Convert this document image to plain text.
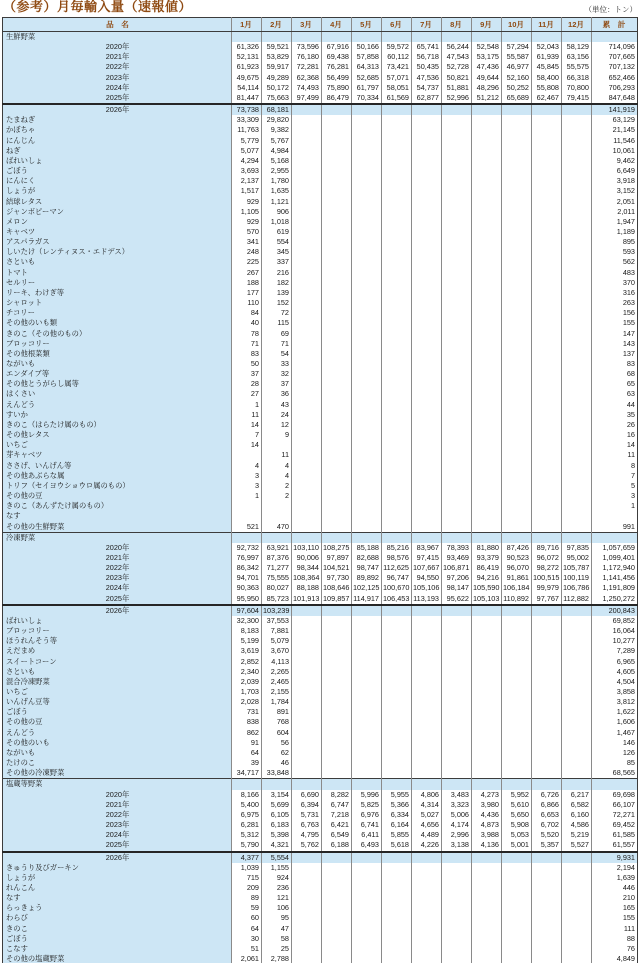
（参考）月毎輸入量（速報値）	（単位：トン）
品　名	1月	2月	3月	4月	5月	6月	7月	8月	9月	10月	11月	12月	累　計
生鮮野菜													
2020年	61,326	59,521	73,596	67,916	50,166	59,572	65,741	56,244	52,548	57,294	52,043	58,129	714,096
2021年	52,131	53,829	76,180	69,438	57,858	60,112	56,718	47,543	53,175	55,587	61,939	63,156	707,665
2022年	61,923	59,917	72,281	76,281	64,313	73,421	50,435	52,728	47,436	46,977	45,845	55,575	707,132
2023年	49,675	49,289	62,368	56,499	52,685	57,071	47,536	50,821	49,644	52,160	58,400	66,318	652,466
2024年	54,114	50,172	74,493	75,890	61,797	58,051	54,737	51,881	48,296	50,252	55,808	70,800	706,293
2025年	81,447	75,663	97,499	86,479	70,334	61,569	62,877	52,996	51,212	65,689	62,467	79,415	847,648
2026年	73,738	68,181											141,919
たまねぎ	33,309	29,820											63,129
かぼちゃ	11,763	9,382											21,145
にんじん	5,779	5,767											11,546
ねぎ	5,077	4,984											10,061
ばれいしょ	4,294	5,168											9,462
ごぼう	3,693	2,955											6,649
にんにく	2,137	1,780											3,918
しょうが	1,517	1,635											3,152
結球レタス	929	1,121											2,051
ジャンボピーマン	1,105	906											2,011
メロン	929	1,018											1,947
キャベツ	570	619											1,189
アスパラガス	341	554											895
しいたけ（レンティヌス・エドデス）	248	345											593
さといも	225	337											562
トマト	267	216											483
セルリー	188	182											370
リーキ、わけぎ等	177	139											316
シャロット	110	152											263
チコリー	84	72											156
その他のいも類	40	115											155
きのこ（その他のもの）	78	69											147
ブロッコリー	71	71											143
その他根菜類	83	54											137
ながいも	50	33											83
エンダイブ等	37	32											68
その他とうがらし属等	28	37											65
はくさい	27	36											63
えんどう	1	43											44
すいか	11	24											35
きのこ（はらたけ属のもの）	14	12											26
その他レタス	7	9											16
いちご	14												14
芽キャベツ		11											11
ささげ、いんげん等	4	4											8
その他あぶらな属	3	4											7
トリフ（セイヨウショウロ属のもの）	3	2											5
その他の豆	1	2											3
きのこ（あんずたけ属のもの）													1
なす													
その他の生鮮野菜	521	470											991
冷凍野菜													
2020年	92,732	63,921	103,110	108,275	85,188	85,216	83,967	78,393	81,880	87,426	89,716	97,835	1,057,659
2021年	76,997	87,376	90,006	97,897	82,688	98,576	97,415	93,469	93,379	90,523	96,072	95,002	1,099,401
2022年	86,342	71,277	98,344	104,521	98,747	112,625	107,667	106,871	86,419	96,070	98,272	105,787	1,172,940
2023年	94,701	75,555	108,364	97,730	89,892	96,747	94,550	97,206	94,216	91,861	100,515	100,119	1,141,456
2024年	90,363	80,027	88,188	108,646	102,125	100,670	105,106	98,147	105,590	106,184	99,979	106,786	1,191,809
2025年	95,950	85,723	101,913	109,857	114,917	106,453	113,193	95,622	105,103	110,892	97,767	112,882	1,250,272
2026年	97,604	103,239											200,843
ばれいしょ	32,300	37,553											69,852
ブロッコリー	8,183	7,881											16,064
ほうれんそう等	5,199	5,079											10,277
えだまめ	3,619	3,670											7,289
スイートコーン	2,852	4,113											6,965
さといも	2,340	2,265											4,605
混合冷凍野菜	2,039	2,465											4,504
いちご	1,703	2,155											3,858
いんげん豆等	2,028	1,784											3,812
ごぼう	731	891											1,622
その他の豆	838	768											1,606
えんどう	862	604											1,467
その他のいも	91	56											146
ながいも	64	62											126
たけのこ	39	46											85
その他の冷凍野菜	34,717	33,848											68,565
塩蔵等野菜													
2020年	8,166	3,154	6,690	8,282	5,996	5,955	4,806	3,483	4,273	5,952	6,726	6,217	69,698
2021年	5,400	5,699	6,394	6,747	5,825	5,366	4,314	3,323	3,980	5,610	6,866	6,582	66,107
2022年	6,975	6,105	5,731	7,218	6,976	6,334	5,027	5,006	4,436	5,650	6,653	6,160	72,271
2023年	6,281	6,183	6,763	6,421	6,741	6,164	4,656	4,174	4,873	5,908	6,702	4,586	69,452
2024年	5,312	5,398	4,795	6,549	6,411	5,855	4,489	2,996	3,988	5,053	5,520	5,219	61,585
2025年	5,790	4,321	5,762	6,188	6,493	5,618	4,226	3,138	4,136	5,001	5,357	5,527	61,557
2026年	4,377	5,554											9,931
きゅうり及びガーキン	1,039	1,155											2,194
しょうが	715	924											1,639
れんこん	209	236											446
なす	89	121											210
らっきょう	59	106											165
わらび	60	95											155
きのこ	64	47											111
ごぼう	30	58											88
こなす	51	25											76
その他の塩蔵野菜	2,061	2,788											4,849
